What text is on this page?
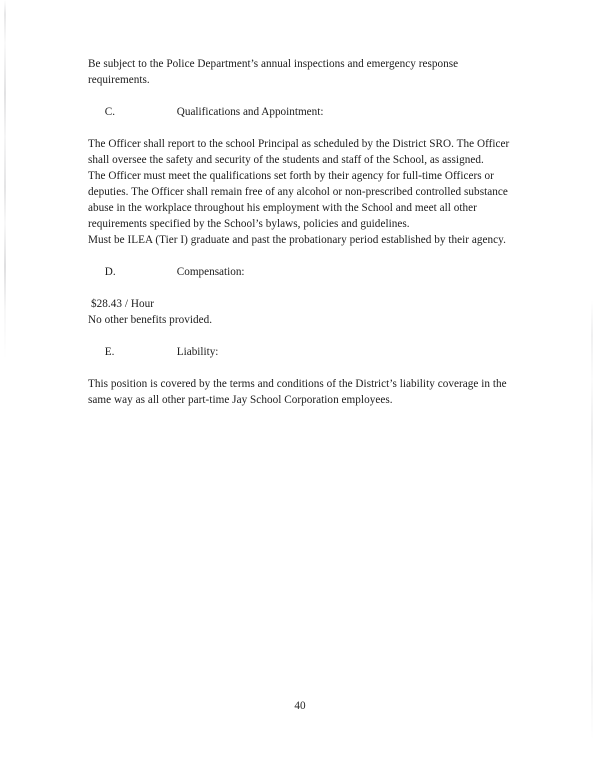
Be subject to the Police Department’s annual inspections and emergency response requirements.

C.	Qualifications and Appointment:

The Officer shall report to the school Principal as scheduled by the District SRO. The Officer shall oversee the safety and security of the students and staff of the School, as assigned.

The Officer must meet the qualifications set forth by their agency for full-time Officers or deputies. The Officer shall remain free of any alcohol or non-prescribed controlled substance abuse in the workplace throughout his employment with the School and meet all other requirements specified by the School’s bylaws, policies and guidelines.

Must be ILEA (Tier I) graduate and past the probationary period established by their agency.

D.	Compensation:

$28.43 / Hour

No other benefits provided.

E.	Liability:

This position is covered by the terms and conditions of the District’s liability coverage in the same way as all other part-time Jay School Corporation employees.

40
